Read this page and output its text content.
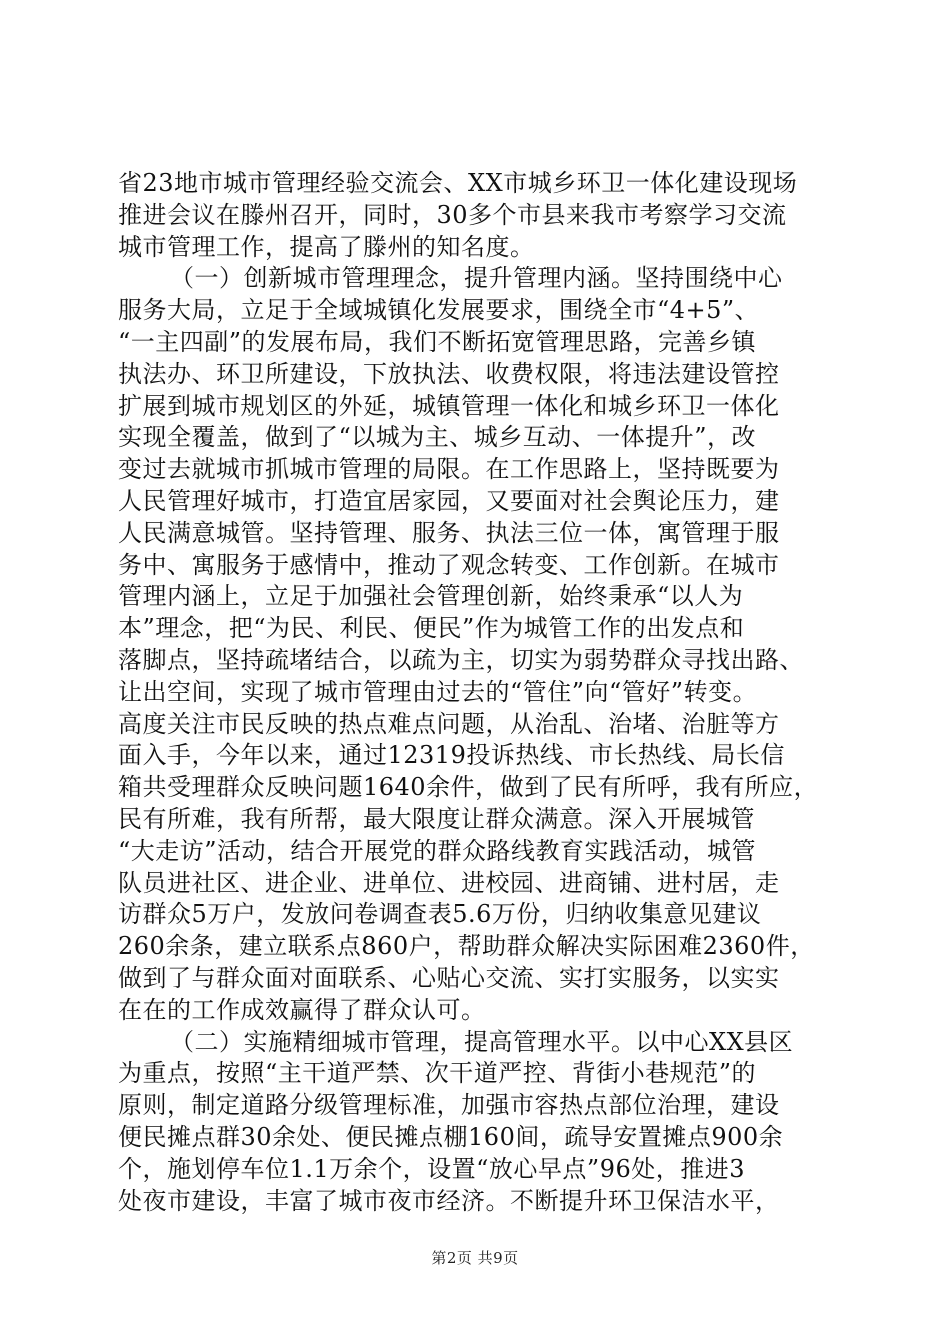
省23地市城市管理经验交流会、XX市城乡环卫一体化建设现场
推进会议在滕州召开，同时，30多个市县来我市考察学习交流
城市管理工作，提高了滕州的知名度。
（一）创新城市管理理念，提升管理内涵。坚持围绕中心
服务大局，立足于全域城镇化发展要求，围绕全市“4+5”、
“一主四副”的发展布局，我们不断拓宽管理思路，完善乡镇
执法办、环卫所建设，下放执法、收费权限，将违法建设管控
扩展到城市规划区的外延，城镇管理一体化和城乡环卫一体化
实现全覆盖，做到了“以城为主、城乡互动、一体提升”，改
变过去就城市抓城市管理的局限。在工作思路上，坚持既要为
人民管理好城市，打造宜居家园，又要面对社会舆论压力，建
人民满意城管。坚持管理、服务、执法三位一体，寓管理于服
务中、寓服务于感情中，推动了观念转变、工作创新。在城市
管理内涵上，立足于加强社会管理创新，始终秉承“以人为
本”理念，把“为民、利民、便民”作为城管工作的出发点和
落脚点，坚持疏堵结合，以疏为主，切实为弱势群众寻找出路、
让出空间，实现了城市管理由过去的“管住”向“管好”转变。
高度关注市民反映的热点难点问题，从治乱、治堵、治脏等方
面入手，今年以来，通过12319投诉热线、市长热线、局长信
箱共受理群众反映问题1640余件，做到了民有所呼，我有所应，
民有所难，我有所帮，最大限度让群众满意。深入开展城管
“大走访”活动，结合开展党的群众路线教育实践活动，城管
队员进社区、进企业、进单位、进校园、进商铺、进村居，走
访群众5万户，发放问卷调查表5.6万份，归纳收集意见建议
260余条，建立联系点860户，帮助群众解决实际困难2360件，
做到了与群众面对面联系、心贴心交流、实打实服务，以实实
在在的工作成效赢得了群众认可。
（二）实施精细城市管理，提高管理水平。以中心XX县区
为重点，按照“主干道严禁、次干道严控、背街小巷规范”的
原则，制定道路分级管理标准，加强市容热点部位治理，建设
便民摊点群30余处、便民摊点棚160间，疏导安置摊点900余
个，施划停车位1.1万余个，设置“放心早点”96处，推进3
处夜市建设，丰富了城市夜市经济。不断提升环卫保洁水平，
第2页 共9页
